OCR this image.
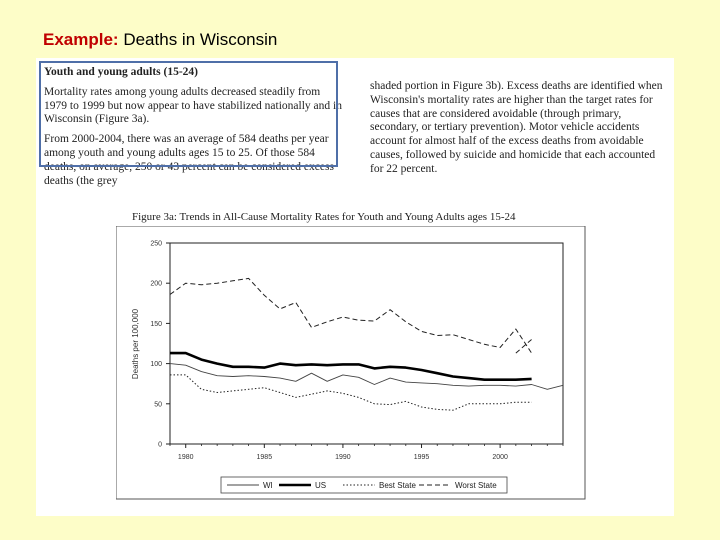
Example: Deaths in Wisconsin

Youth and young adults (15-24)

Mortality rates among young adults decreased steadily from 1979 to 1999 but now appear to have stabilized nationally and in Wisconsin (Figure 3a).

From 2000-2004, there was an average of 584 deaths per year among youth and young adults ages 15 to 25. Of those 584 deaths, on average, 250 or 43 percent can be considered excess deaths (the grey

shaded portion in Figure 3b). Excess deaths are identified when Wisconsin's mortality rates are higher than the target rates for causes that are considered avoidable (through primary, secondary, or tertiary prevention). Motor vehicle accidents account for almost half of the excess deaths from avoidable causes, followed by suicide and homicide that each accounted for 22 percent.

Figure 3a: Trends in All-Cause Mortality Rates for Youth and Young Adults ages 15-24
0
50
100
150
200
250
1980	1985	1990	1995	2000
WI	US	Best State	Worst State
Deaths per 100,000
